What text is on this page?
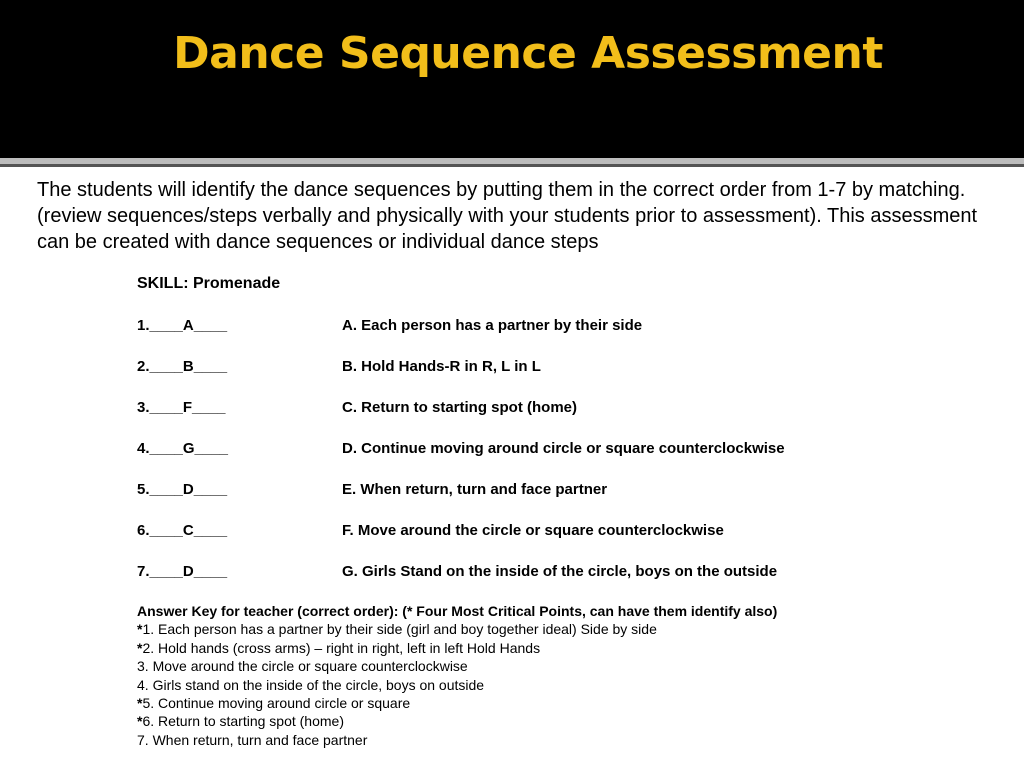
Dance Sequence Assessment

The students will identify the dance sequences by putting them in the correct order from 1-7 by matching. (review sequences/steps verbally and physically with your students prior to assessment). This assessment can be created with dance sequences or individual dance steps

SKILL: Promenade
1.____A____	A. Each person has a partner by their side
2.____B____	B. Hold Hands-R in R, L in L
3.____F____	C. Return to starting spot (home)
4.____G____	D. Continue moving around circle or square counterclockwise
5.____D____	E. When return, turn and face partner
6.____C____	F. Move around the circle or square counterclockwise
7.____D____	G. Girls Stand on the inside of the circle, boys on the outside
Answer Key for teacher (correct order): (* Four Most Critical Points, can have them identify also)
*1. Each person has a partner by their side (girl and boy together ideal) Side by side
*2. Hold hands (cross arms) – right in right, left in left Hold Hands
3. Move around the circle or square counterclockwise
4. Girls stand on the inside of the circle, boys on outside
*5. Continue moving around circle or square
*6. Return to starting spot (home)
7. When return, turn and face partner
